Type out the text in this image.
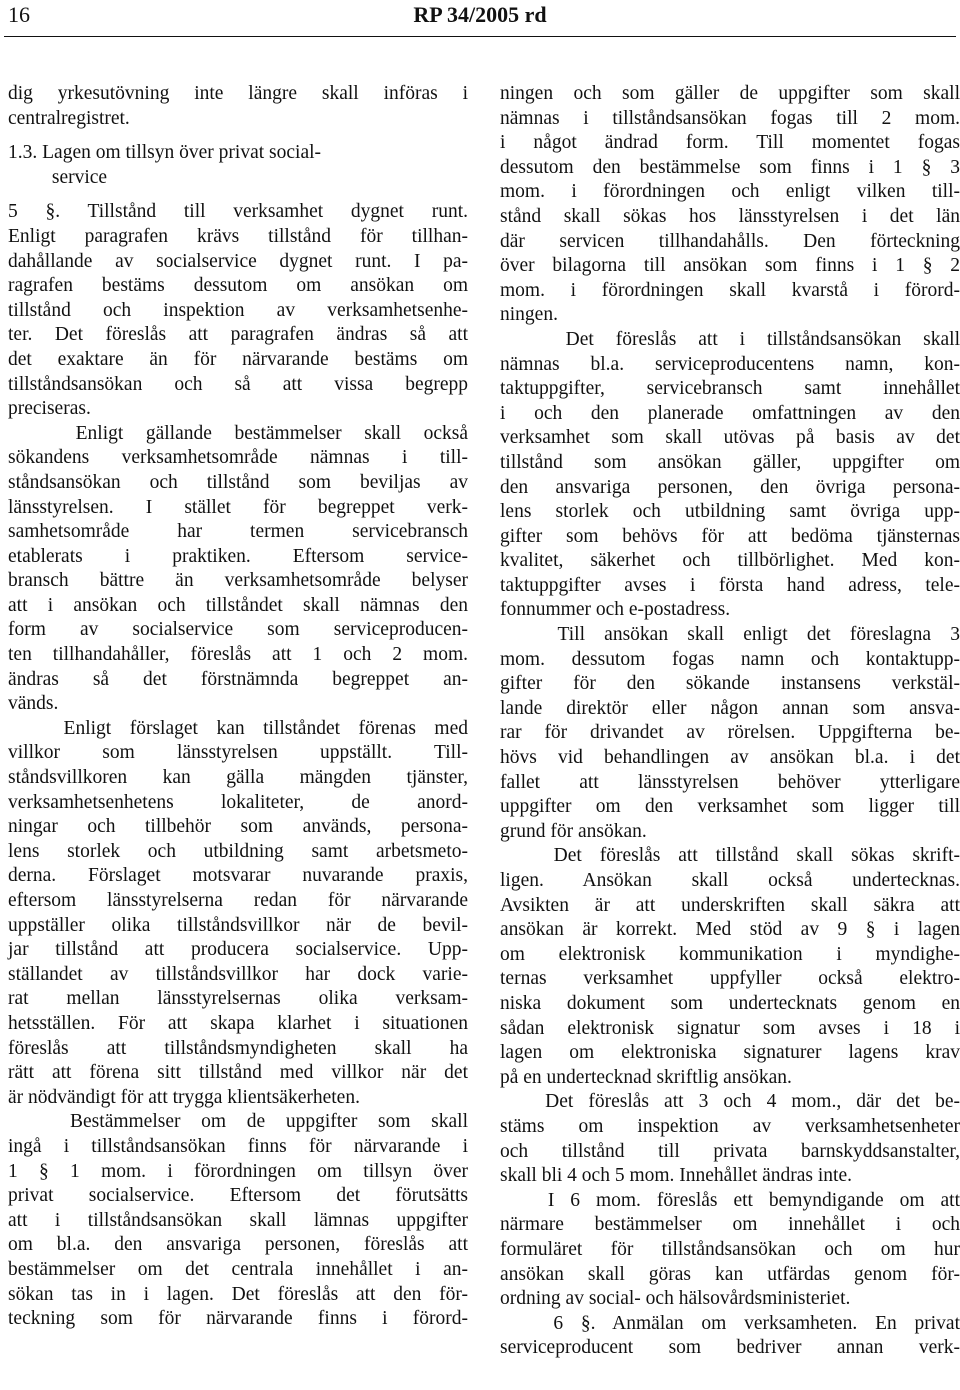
16	RP 34/2005 rd
dig yrkesutövning inte längre skall införas i
centralregistret.
1.3. Lagen om tillsyn över privat social-
service
5 §. Tillstånd till verksamhet dygnet runt.
Enligt paragrafen krävs tillstånd för tillhan-
dahållande av socialservice dygnet runt. I pa-
ragrafen bestäms dessutom om ansökan om
tillstånd och inspektion av verksamhetsenhe-
ter. Det föreslås att paragrafen ändras så att
det exaktare än för närvarande bestäms om
tillståndsansökan och så att vissa begrepp
preciseras.
Enligt gällande bestämmelser skall också
sökandens verksamhetsområde nämnas i till-
ståndsansökan och tillstånd som beviljas av
länsstyrelsen. I stället för begreppet verk-
samhetsområde har termen servicebransch
etablerats i praktiken. Eftersom service-
bransch bättre än verksamhetsområde belyser
att i ansökan och tillståndet skall nämnas den
form av socialservice som serviceproducen-
ten tillhandahåller, föreslås att 1 och 2 mom.
ändras så det förstnämnda begreppet an-
vänds.
Enligt förslaget kan tillståndet förenas med
villkor som länsstyrelsen uppställt. Till-
ståndsvillkoren kan gälla mängden tjänster,
verksamhetsenhetens lokaliteter, de anord-
ningar och tillbehör som används, persona-
lens storlek och utbildning samt arbetsmeto-
derna. Förslaget motsvarar nuvarande praxis,
eftersom länsstyrelserna redan för närvarande
uppställer olika tillståndsvillkor när de bevil-
jar tillstånd att producera socialservice. Upp-
ställandet av tillståndsvillkor har dock varie-
rat mellan länsstyrelsernas olika verksam-
hetsställen. För att skapa klarhet i situationen
föreslås att tillståndsmyndigheten skall ha
rätt att förena sitt tillstånd med villkor när det
är nödvändigt för att trygga klientsäkerheten.
Bestämmelser om de uppgifter som skall
ingå i tillståndsansökan finns för närvarande i
1 § 1 mom. i förordningen om tillsyn över
privat socialservice. Eftersom det förutsätts
att i tillståndsansökan skall lämnas uppgifter
om bl.a. den ansvariga personen, föreslås att
bestämmelser om det centrala innehållet i an-
sökan tas in i lagen. Det föreslås att den för-
teckning som för närvarande finns i förord-
ningen och som gäller de uppgifter som skall
nämnas i tillståndsansökan fogas till 2 mom.
i något ändrad form. Till momentet fogas
dessutom den bestämmelse som finns i 1 § 3
mom. i förordningen och enligt vilken till-
stånd skall sökas hos länsstyrelsen i det län
där servicen tillhandahålls. Den förteckning
över bilagorna till ansökan som finns i 1 § 2
mom. i förordningen skall kvarstå i förord-
ningen.
Det föreslås att i tillståndsansökan skall
nämnas bl.a. serviceproducentens namn, kon-
taktuppgifter, servicebransch samt innehållet
i och den planerade omfattningen av den
verksamhet som skall utövas på basis av det
tillstånd som ansökan gäller, uppgifter om
den ansvariga personen, den övriga persona-
lens storlek och utbildning samt övriga upp-
gifter som behövs för att bedöma tjänsternas
kvalitet, säkerhet och tillbörlighet. Med kon-
taktuppgifter avses i första hand adress, tele-
fonnummer och e-postadress.
Till ansökan skall enligt det föreslagna 3
mom. dessutom fogas namn och kontaktupp-
gifter för den sökande instansens verkstäl-
lande direktör eller någon annan som ansva-
rar för drivandet av rörelsen. Uppgifterna be-
hövs vid behandlingen av ansökan bl.a. i det
fallet att länsstyrelsen behöver ytterligare
uppgifter om den verksamhet som ligger till
grund för ansökan.
Det föreslås att tillstånd skall sökas skrift-
ligen. Ansökan skall också undertecknas.
Avsikten är att underskriften skall säkra att
ansökan är korrekt. Med stöd av 9 § i lagen
om elektronisk kommunikation i myndighe-
ternas verksamhet uppfyller också elektro-
niska dokument som undertecknats genom en
sådan elektronisk signatur som avses i 18 i
lagen om elektroniska signaturer lagens krav
på en undertecknad skriftlig ansökan.
Det föreslås att 3 och 4 mom., där det be-
stäms om inspektion av verksamhetsenheter
och tillstånd till privata barnskyddsanstalter,
skall bli 4 och 5 mom. Innehållet ändras inte.
I 6 mom. föreslås ett bemyndigande om att
närmare bestämmelser om innehållet i och
formuläret för tillståndsansökan och om hur
ansökan skall göras kan utfärdas genom för-
ordning av social- och hälsovårdsministeriet.
6 §. Anmälan om verksamheten. En privat
serviceproducent som bedriver annan verk-
